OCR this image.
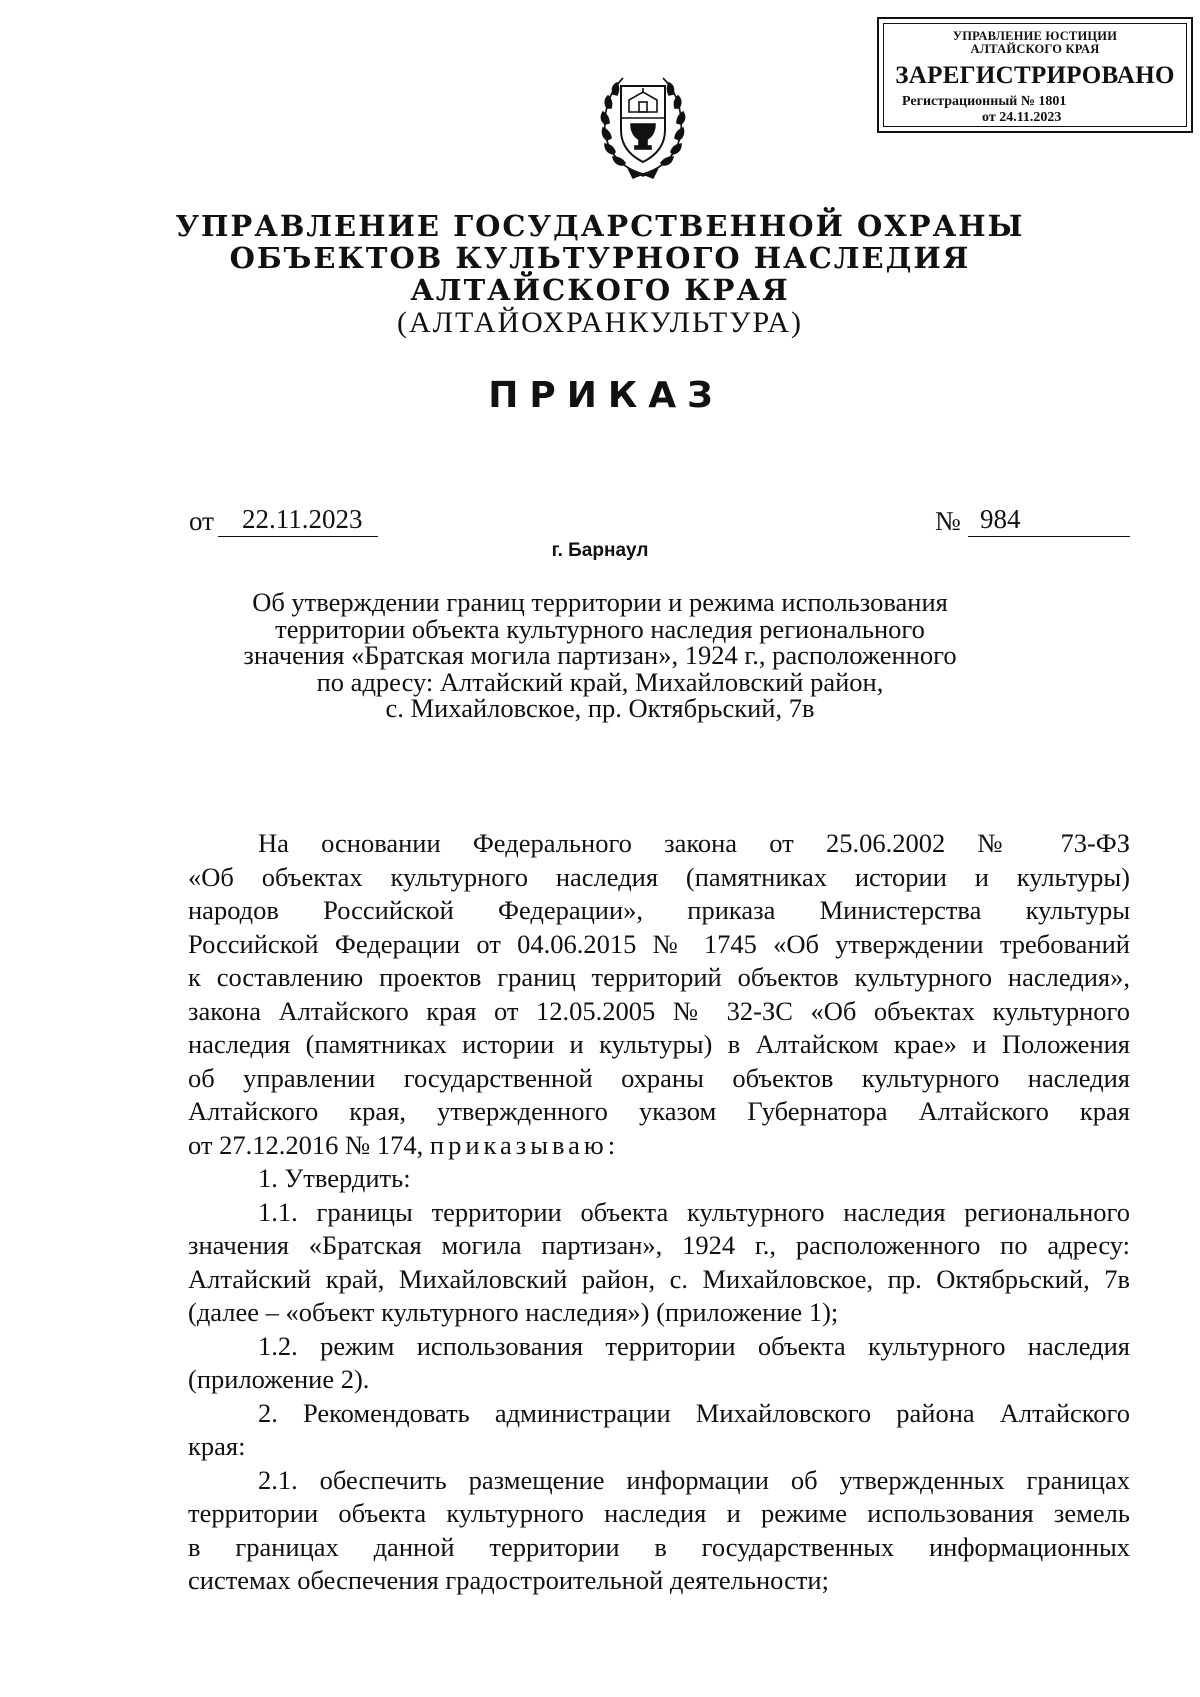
УПРАВЛЕНИЕ ЮСТИЦИИ
АЛТАЙСКОГО КРАЯ
ЗАРЕГИСТРИРОВАНО
Регистрационный № 1801
от 24.11.2023
УПРАВЛЕНИЕ ГОСУДАРСТВЕННОЙ ОХРАНЫ
ОБЪЕКТОВ КУЛЬТУРНОГО НАСЛЕДИЯ
АЛТАЙСКОГО КРАЯ
(АЛТАЙОХРАНКУЛЬТУРА)
ПРИКАЗ
от	22.11.2023	№ 984
г. Барнаул
Об утверждении границ территории и режима использования
территории объекта культурного наследия регионального
значения «Братская могила партизан», 1924 г., расположенного
по адресу: Алтайский край, Михайловский район,
с. Михайловское, пр. Октябрьский, 7в
На основании Федерального закона от 25.06.2002 № 73-ФЗ
«Об объектах культурного наследия (памятниках истории и культуры)
народов Российской Федерации», приказа Министерства культуры
Российской Федерации от 04.06.2015 № 1745 «Об утверждении требований
к составлению проектов границ территорий объектов культурного наследия»,
закона Алтайского края от 12.05.2005 № 32-ЗС «Об объектах культурного
наследия (памятниках истории и культуры) в Алтайском крае» и Положения
об управлении государственной охраны объектов культурного наследия
Алтайского края, утвержденного указом Губернатора Алтайского края
от 27.12.2016 № 174, приказываю:
1. Утвердить:
1.1. границы территории объекта культурного наследия регионального
значения «Братская могила партизан», 1924 г., расположенного по адресу:
Алтайский край, Михайловский район, с. Михайловское, пр. Октябрьский, 7в
(далее – «объект культурного наследия») (приложение 1);
1.2. режим использования территории объекта культурного наследия
(приложение 2).
2. Рекомендовать администрации Михайловского района Алтайского
края:
2.1. обеспечить размещение информации об утвержденных границах
территории объекта культурного наследия и режиме использования земель
в границах данной территории в государственных информационных
системах обеспечения градостроительной деятельности;
